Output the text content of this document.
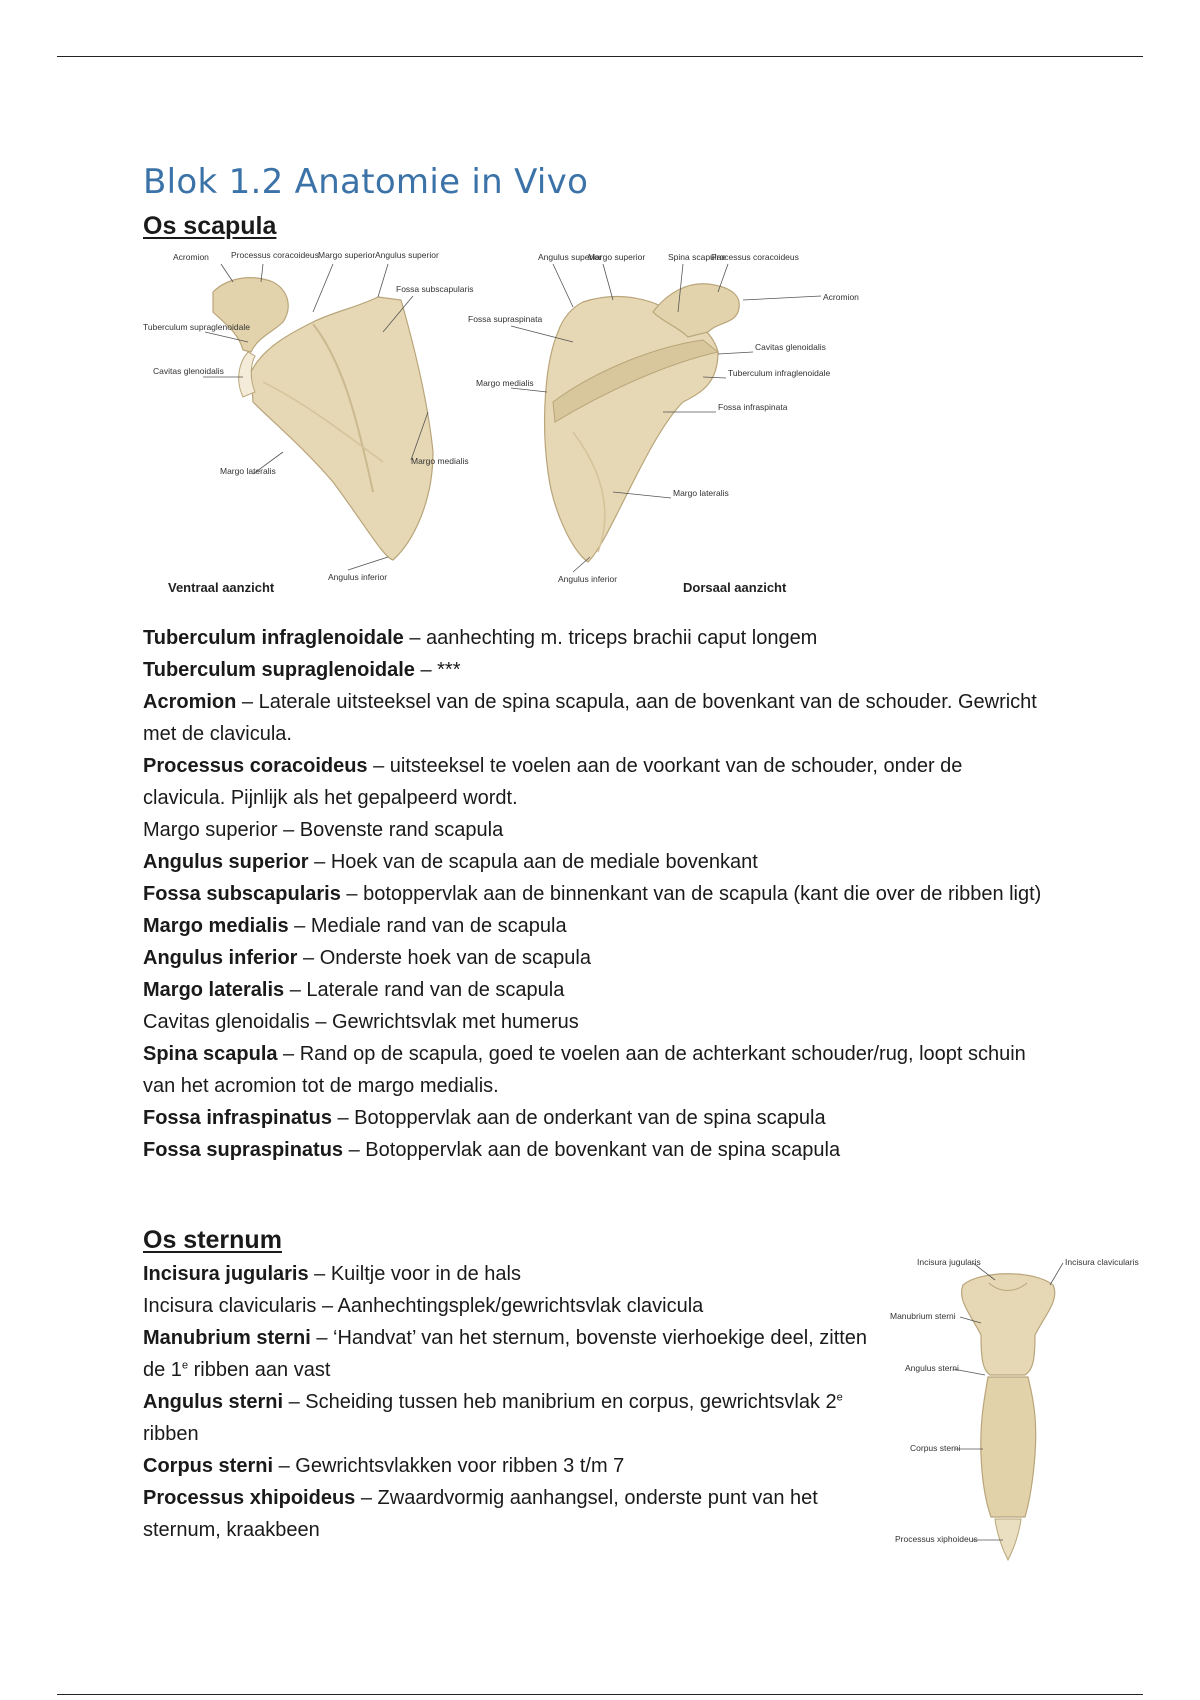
Blok 1.2 Anatomie in Vivo
Os scapula
Acromion	Processus coracoideus Margo superior Angulus superior
Fossa subscapularis
Tuberculum supraglenoidale
Cavitas glenoidalis
Margo lateralis
Margo medialis
Angulus inferior
Ventraal aanzicht
Angulus superior
Margo superior	Spina scapulae
Processus coracoideus
Acromion
Fossa supraspinata
Cavitas glenoidalis
Tuberculum infraglenoidale
Margo medialis
Fossa infraspinata
Margo lateralis
Angulus inferior
Dorsaal aanzicht

Tuberculum infraglenoidale – aanhechting m. triceps brachii caput longem

Tuberculum supraglenoidale – ***

Acromion – Laterale uitsteeksel van de spina scapula, aan de bovenkant van de schouder. Gewricht met de clavicula.

Processus coracoideus – uitsteeksel te voelen aan de voorkant van de schouder, onder de clavicula. Pijnlijk als het gepalpeerd wordt.

Margo superior – Bovenste rand scapula

Angulus superior – Hoek van de scapula aan de mediale bovenkant

Fossa subscapularis – botoppervlak aan de binnenkant van de scapula (kant die over de ribben ligt)

Margo medialis – Mediale rand van de scapula

Angulus inferior – Onderste hoek van de scapula

Margo lateralis – Laterale rand van de scapula

Cavitas glenoidalis – Gewrichtsvlak met humerus

Spina scapula – Rand op de scapula, goed te voelen aan de achterkant schouder/rug, loopt schuin van het acromion tot de margo medialis.

Fossa infraspinatus – Botoppervlak aan de onderkant van de spina scapula

Fossa supraspinatus – Botoppervlak aan de bovenkant van de spina scapula

Os sternum

Incisura jugularis – Kuiltje voor in de hals

Incisura clavicularis – Aanhechtingsplek/gewrichtsvlak clavicula

Manubrium sterni – ‘Handvat’ van het sternum, bovenste vierhoekige deel, zitten de 1e ribben aan vast

Angulus sterni – Scheiding tussen heb manibrium en corpus, gewrichtsvlak 2e ribben

Corpus sterni – Gewrichtsvlakken voor ribben 3 t/m 7

Processus xhipoideus – Zwaardvormig aanhangsel, onderste punt van het sternum, kraakbeen

Incisura jugularis	Incisura clavicularis
Manubrium sterni
Angulus sterni
Corpus sterni
Processus xiphoideus
